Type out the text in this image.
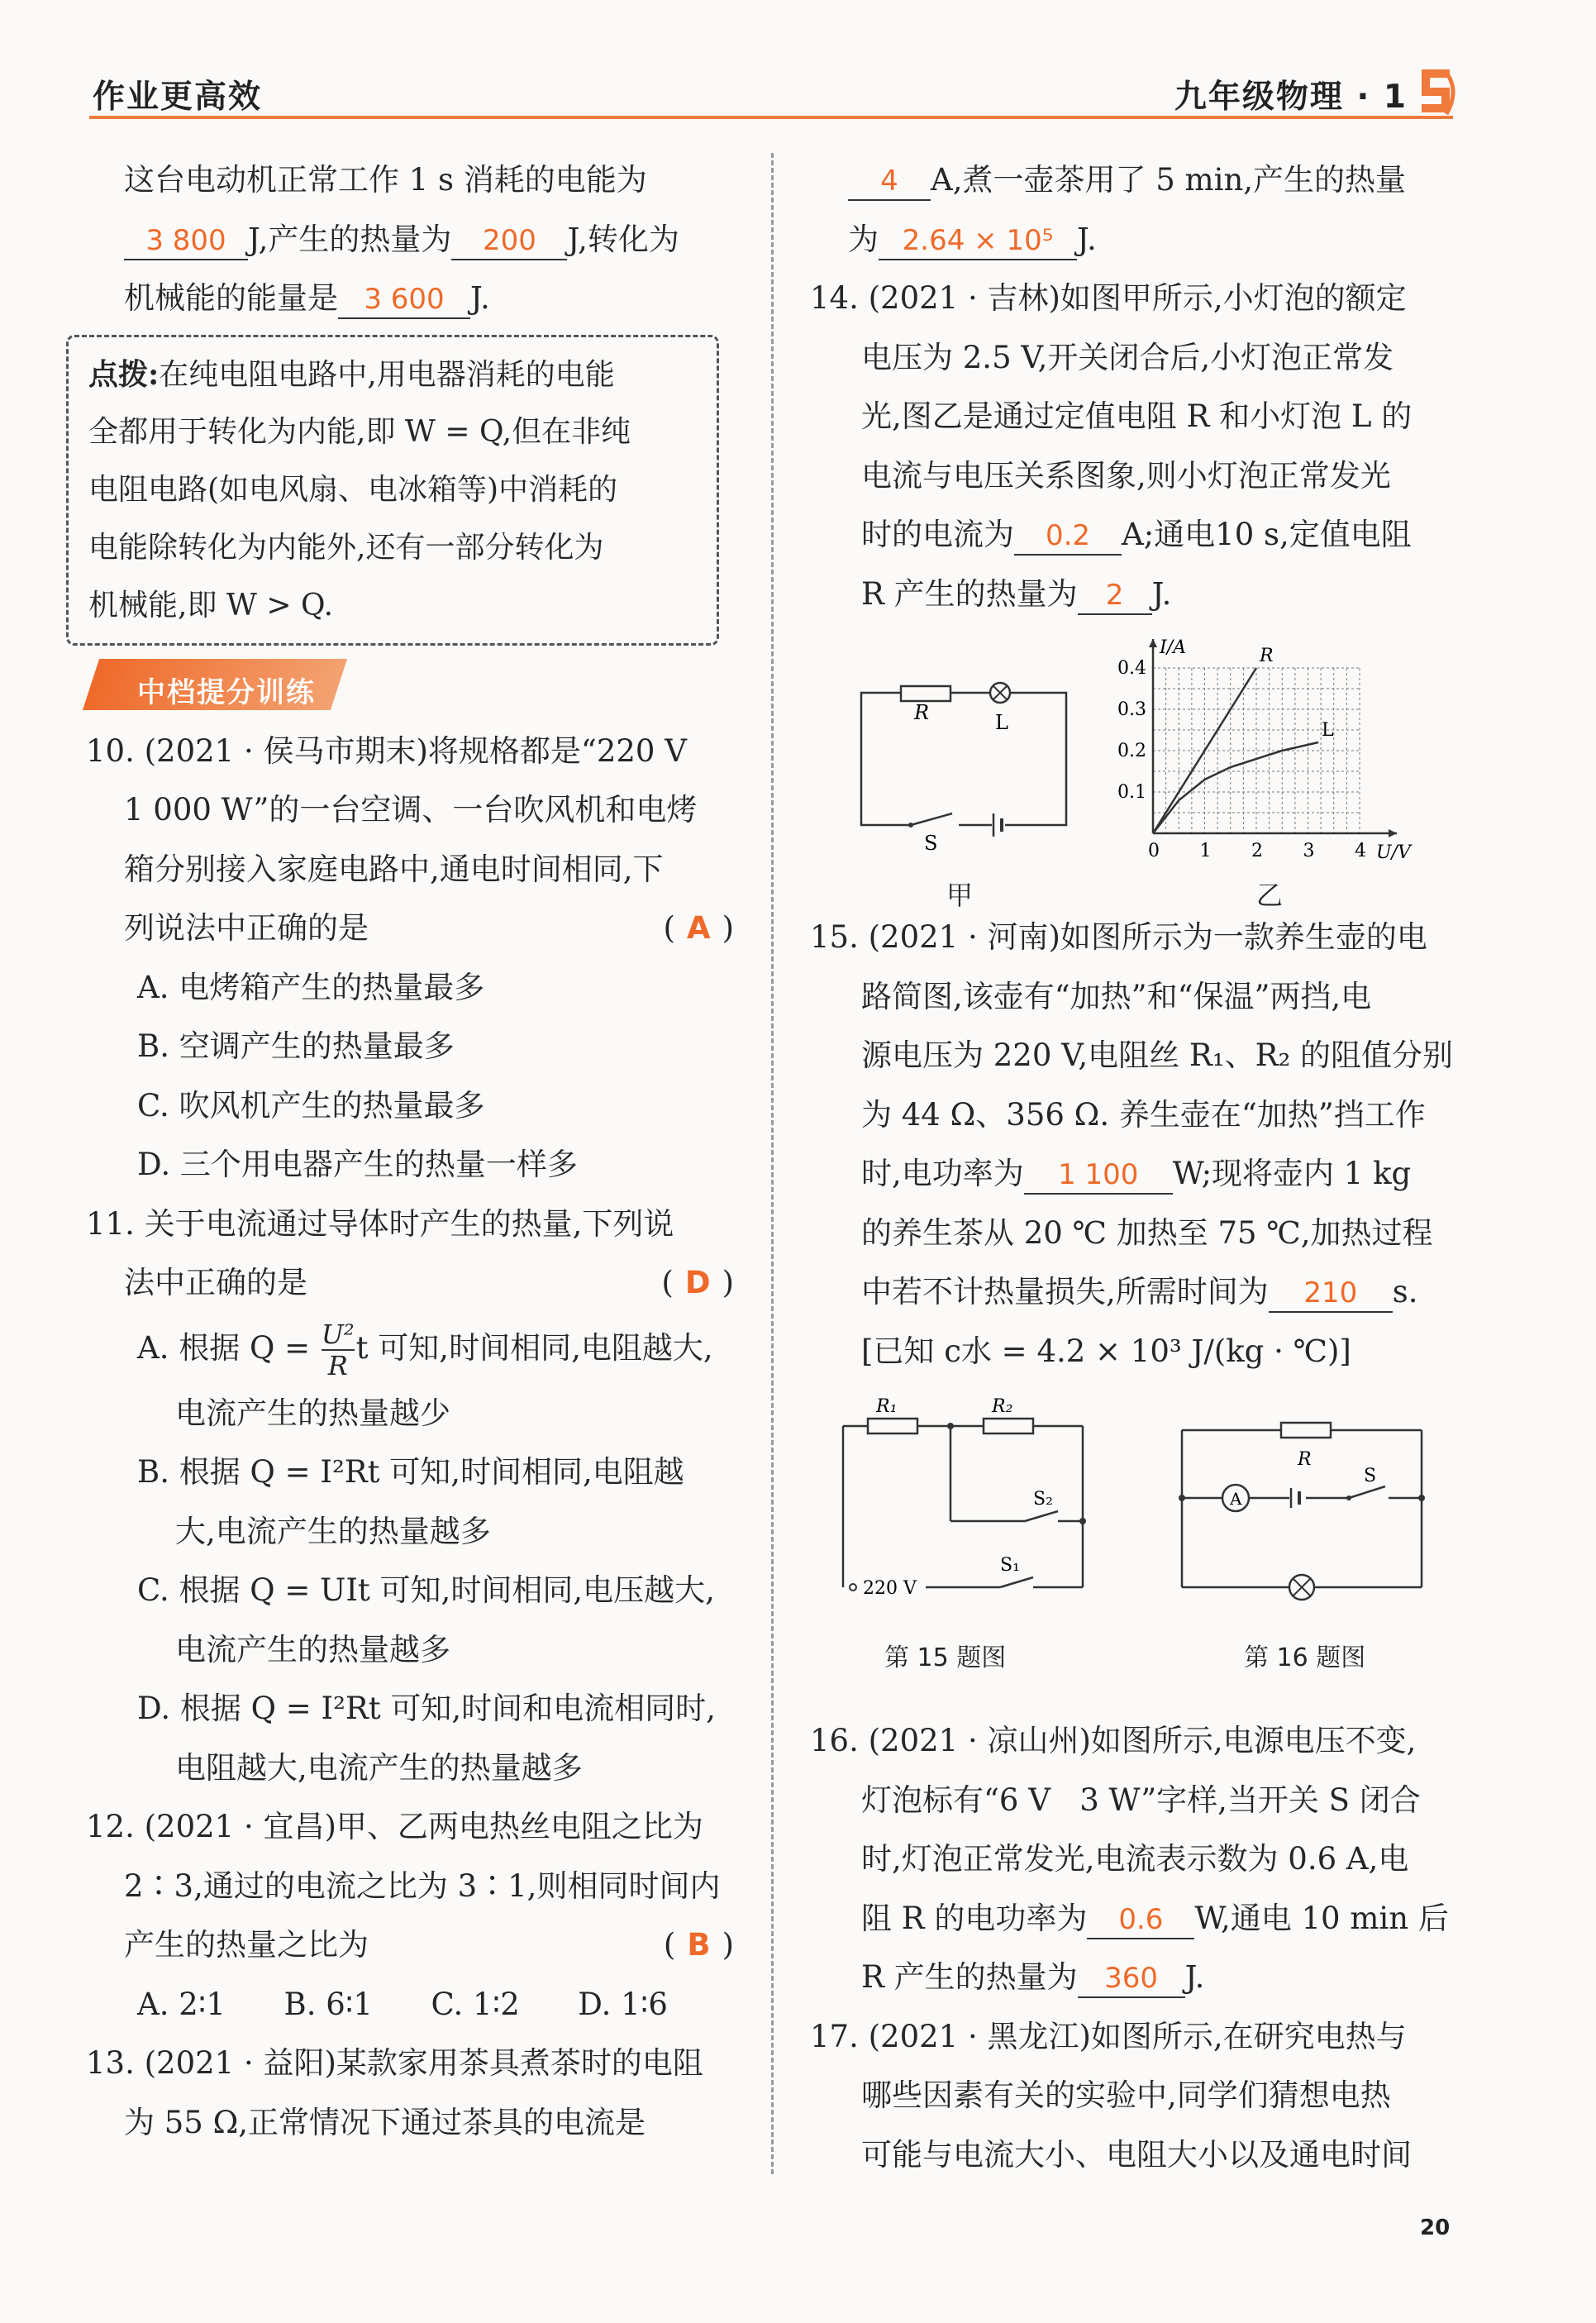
作业更高效	九年级物理 · 1
这台电动机正常工作 1 s 消耗的电能为
3 800 J,产生的热量为 200 J,转化为
机械能的能量是 3 600 J.
点拨:在纯电阻电路中,用电器消耗的电能
全都用于转化为内能,即 W = Q,但在非纯
电阻电路(如电风扇、电冰箱等)中消耗的
电能除转化为内能外,还有一部分转化为
机械能,即 W > Q.
中档提分训练
10. (2021 · 侯马市期末)将规格都是“220 V
1 000 W”的一台空调、一台吹风机和电烤
箱分别接入家庭电路中,通电时间相同,下
列说法中正确的是	( A )
A. 电烤箱产生的热量最多
B. 空调产生的热量最多
C. 吹风机产生的热量最多
D. 三个用电器产生的热量一样多
11. 关于电流通过导体时产生的热量,下列说
法中正确的是	( D )
A. 根据 $Q = \frac{\text{U²}}{R}$ t 可知,时间相同,电阻越大,
电流产生的热量越少
B. 根据 Q = I²Rt 可知,时间相同,电阻越
大,电流产生的热量越多
C. 根据 Q = UIt 可知,时间相同,电压越大,
电流产生的热量越多
D. 根据 Q = I²Rt 可知,时间和电流相同时,
电阻越大,电流产生的热量越多
12. (2021 · 宜昌)甲、乙两电热丝电阻之比为
2∶3,通过的电流之比为 3∶1,则相同时间内
产生的热量之比为	( B )
A. 2∶1      B. 6∶1      C. 1∶2      D. 1∶6
13. (2021 · 益阳)某款家用茶具煮茶时的电阻
为 55 Ω,正常情况下通过茶具的电流是
4 A,煮一壶茶用了 5 min,产生的热量
为 2.64 × 10⁵ J.
14. (2021 · 吉林)如图甲所示,小灯泡的额定
电压为 2.5 V,开关闭合后,小灯泡正常发
光,图乙是通过定值电阻 R 和小灯泡 L 的
电流与电压关系图象,则小灯泡正常发光
时的电流为 0.2 A;通电10 s,定值电阻
R 产生的热量为 2 J.
R	L
S
甲
0 1 2 3 4
0.1
0.2
0.3
0.4
U/V
I/A	R
L
乙
15. (2021 · 河南)如图所示为一款养生壶的电
路简图,该壶有“加热”和“保温”两挡,电
源电压为 220 V,电阻丝 R₁、R₂ 的阻值分别
为 44 Ω、356 Ω. 养生壶在“加热”挡工作
时,电功率为 1 100 W;现将壶内 1 kg
的养生茶从 20 ℃ 加热至 75 ℃,加热过程
中若不计热量损失,所需时间为 210 s.
[已知 c水 = 4.2 × 10³ J/(kg · ℃)]
R₁	R₂
S₂
220 V
S₁
第 15 题图
R
A
S
第 16 题图
16. (2021 · 凉山州)如图所示,电源电压不变,
灯泡标有“6 V   3 W”字样,当开关 S 闭合
时,灯泡正常发光,电流表示数为 0.6 A,电
阻 R 的电功率为 0.6 W,通电 10 min 后
R 产生的热量为 360 J.
17. (2021 · 黑龙江)如图所示,在研究电热与
哪些因素有关的实验中,同学们猜想电热
可能与电流大小、电阻大小以及通电时间
20
